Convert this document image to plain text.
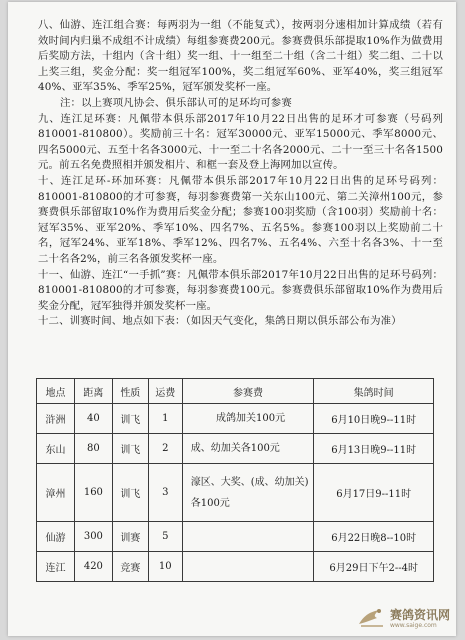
八、仙游、连江组合赛：每两羽为一组（不能复式），按两羽分速相加计算成绩（若有效时间内归巢不成组不计成绩）每组参赛费200元。参赛费俱乐部提取10%作为做费用后奖励方法，十组内（含十组）奖一组、十一组至二十组（含二十组）奖二组、二十以上奖三组，奖金分配：奖一组冠军100%，奖二组冠军60%、亚军40%，奖三组冠军40%、亚军35%、季军25%，冠军颁发奖杯一座。

注：以上赛项凡协会、俱乐部认可的足环均可参赛

九、连江足环赛：凡佩带本俱乐部2017年10月22日出售的足环才可参赛（号码列810001-810800）。奖励前三十名：冠军30000元、亚军15000元、季军8000元、四名5000元、五至十名各3000元、十一至二十名各2000元、二十一至三十名各1500元。前五名免费照相并颁发相片、和框一套及登上海网加以宣传。

十、连江足环-环加环赛：凡佩带本俱乐部2017年10月22日出售的足环号码列：810001-810800的才可参赛，每羽参赛费第一关东山100元、第二关漳州100元，参赛费俱乐部留取10%作为费用后奖金分配；参赛100羽奖励（含100羽）奖励前十名：冠军35%、亚军20%、季军10%、四名7%、五名5%。参赛100羽以上奖励前二十名，冠军24%、亚军18%、季军12%、四名7%、五名4%、六至十名各3%、十一至二十名各2%，前三名各颁发奖杯一座。

十一、仙游、连江“一手抓”赛：凡佩带本俱乐部2017年10月22日出售的足环号码列：810001-810800的才可参赛，每羽参赛费100元。参赛费俱乐部留取10%作为费用后奖金分配，冠军独得并颁发奖杯一座。

十二、训赛时间、地点如下表：（如因天气变化，集鸽日期以俱乐部公布为准）

地点	距离	性质	运费	参赛费	集鸽时间
浒洲	40	训飞	1	成鸽加关100元	6月10日晚9--11时
东山	80	训飞	2	成、幼加关各100元	6月13日晚9--11时
漳州	160	训飞	3	濠区、大奖、(成、幼加关)
各100元	6月17日9--11时
仙游	300	训赛	5		6月22日晚8--10时
连江	420	竞赛	10		6月29日下午2--4时
赛鸽资讯网
www.saige.com
